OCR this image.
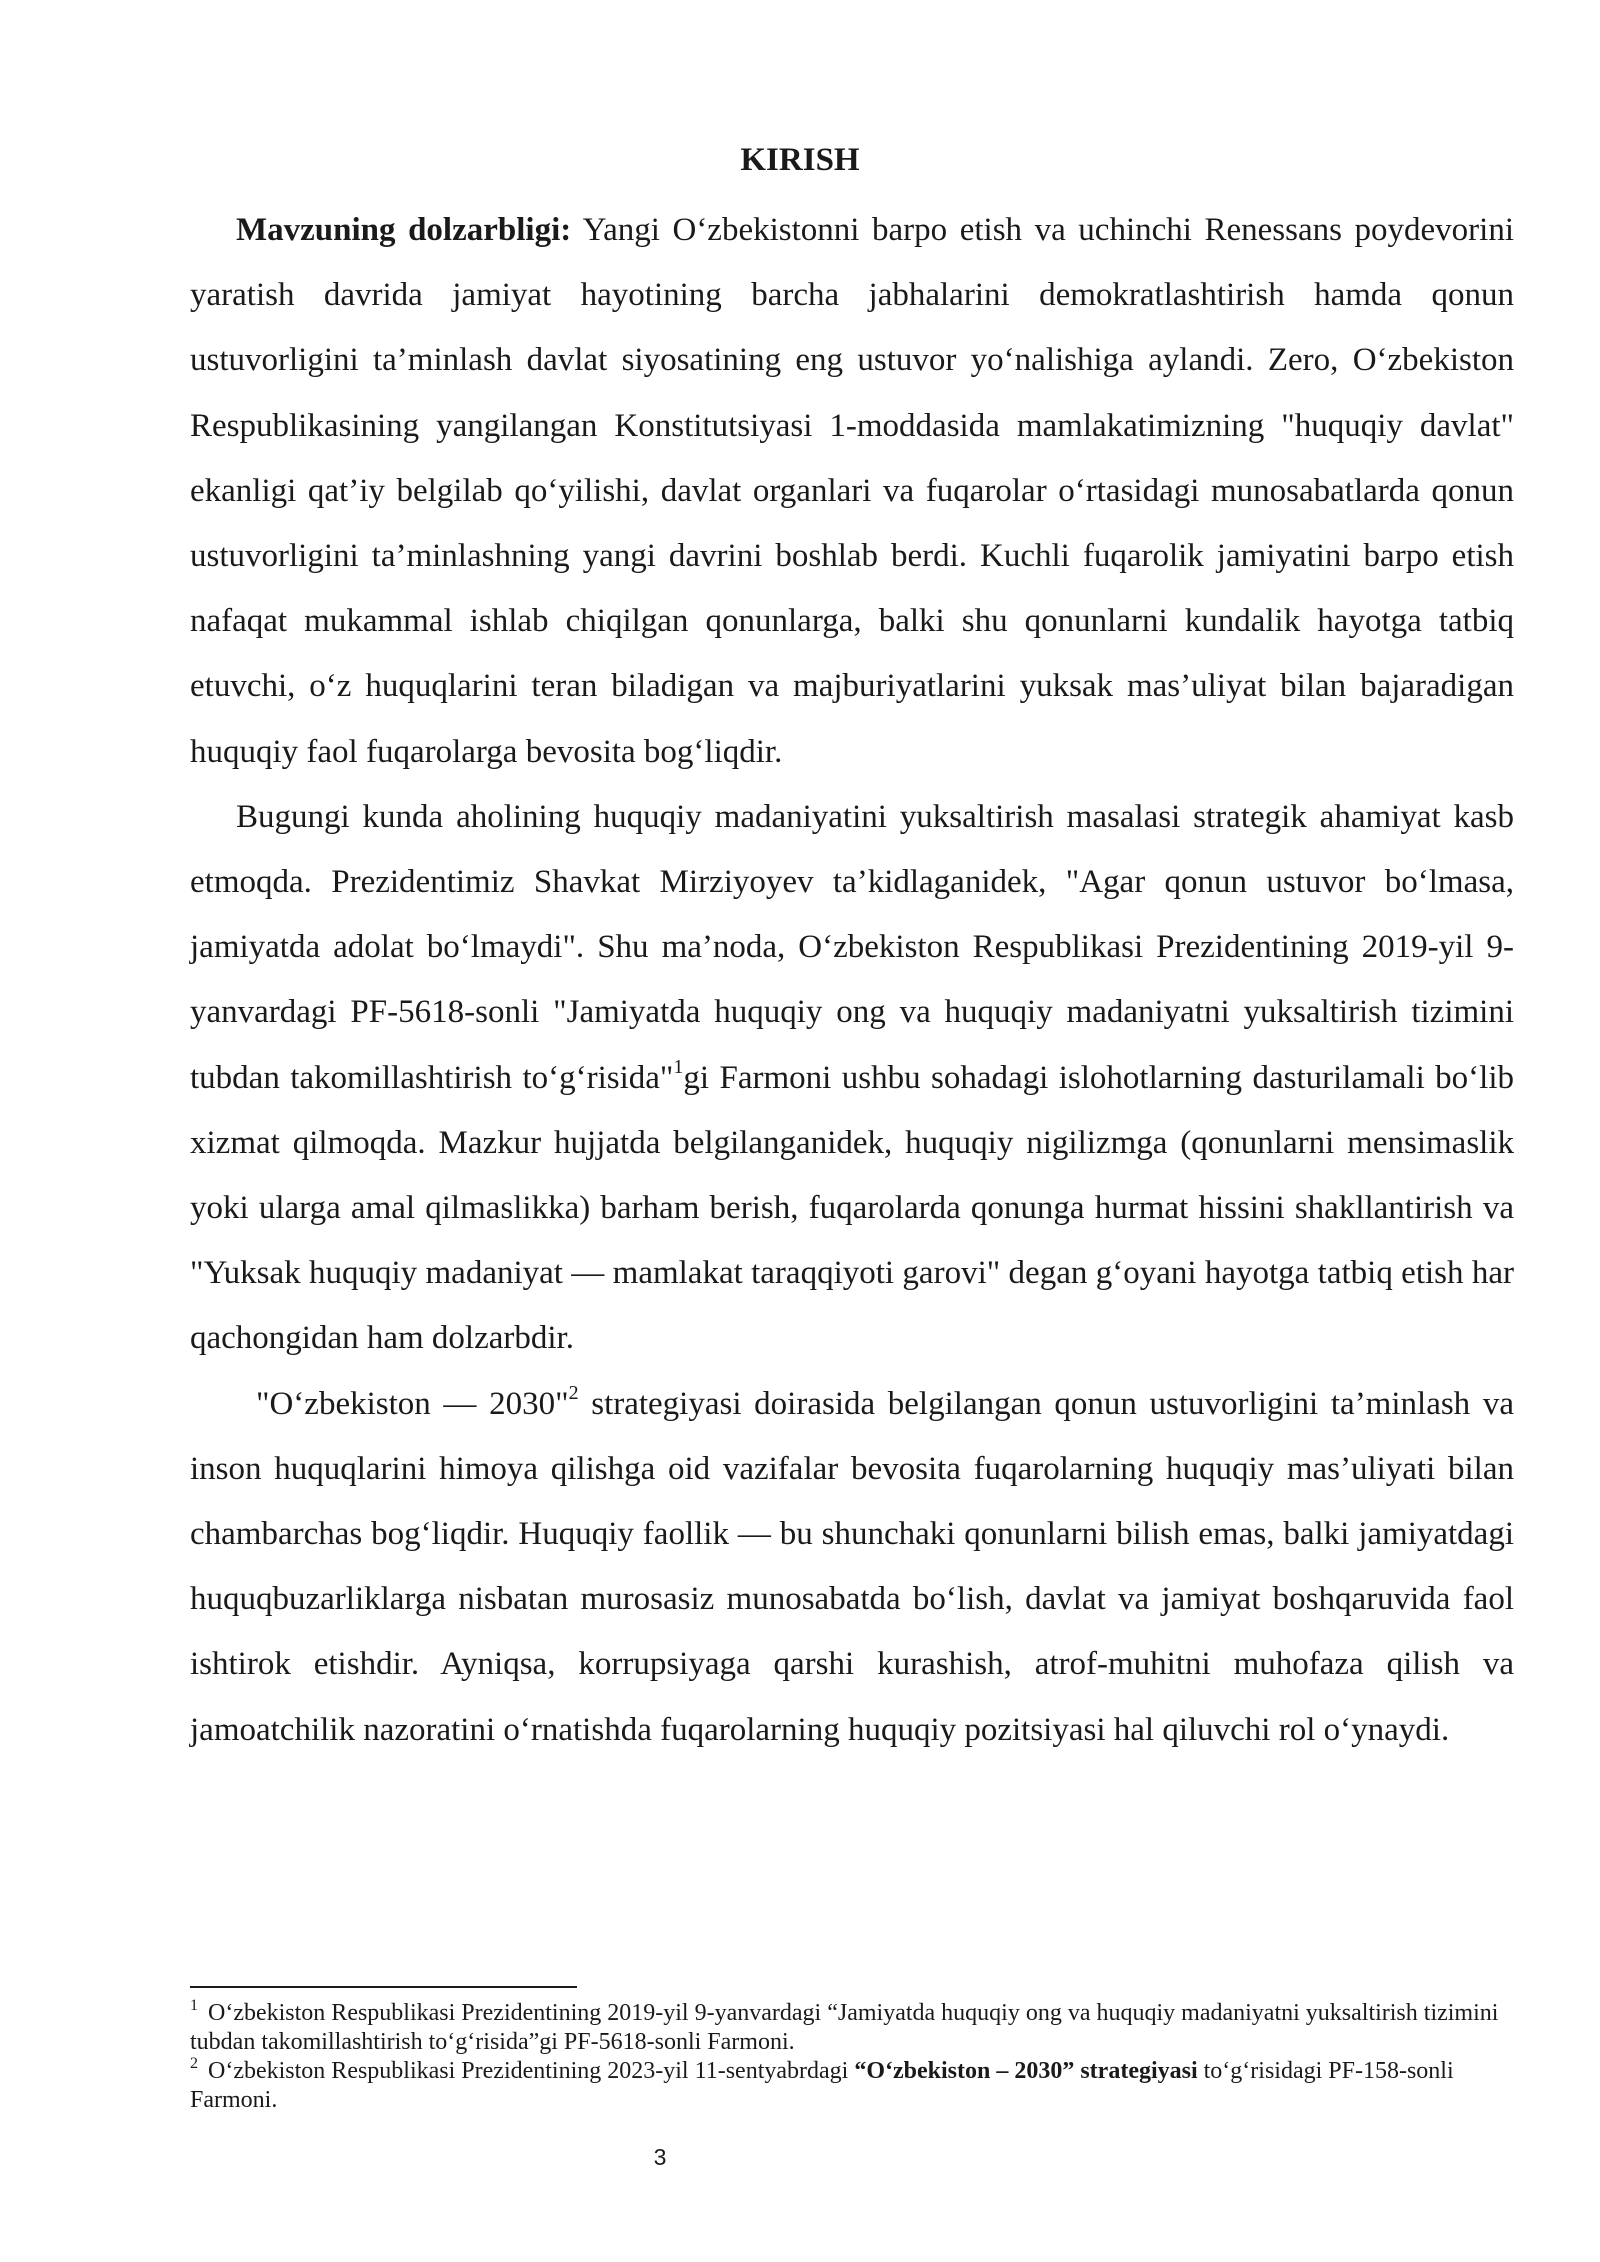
KIRISH

Mavzuning dolzarbligi: Yangi O‘zbekistonni barpo etish va uchinchi Renessans poydevorini yaratish davrida jamiyat hayotining barcha jabhalarini demokratlashtirish hamda qonun ustuvorligini ta’minlash davlat siyosatining eng ustuvor yo‘nalishiga aylandi. Zero, O‘zbekiston Respublikasining yangilangan Konstitutsiyasi 1-moddasida mamlakatimizning "huquqiy davlat" ekanligi qat’iy belgilab qo‘yilishi, davlat organlari va fuqarolar o‘rtasidagi munosabatlarda qonun ustuvorligini ta’minlashning yangi davrini boshlab berdi. Kuchli fuqarolik jamiyatini barpo etish nafaqat mukammal ishlab chiqilgan qonunlarga, balki shu qonunlarni kundalik hayotga tatbiq etuvchi, o‘z huquqlarini teran biladigan va majburiyatlarini yuksak mas’uliyat bilan bajaradigan huquqiy faol fuqarolarga bevosita bog‘liqdir.

Bugungi kunda aholining huquqiy madaniyatini yuksaltirish masalasi strategik ahamiyat kasb etmoqda. Prezidentimiz Shavkat Mirziyoyev ta’kidlaganidek, "Agar qonun ustuvor bo‘lmasa, jamiyatda adolat bo‘lmaydi". Shu ma’noda, O‘zbekiston Respublikasi Prezidentining 2019-yil 9-yanvardagi PF-5618-sonli "Jamiyatda huquqiy ong va huquqiy madaniyatni yuksaltirish tizimini tubdan takomillashtirish to‘g‘risida"$^1$gi Farmoni ushbu sohadagi islohotlarning dasturilamali bo‘lib xizmat qilmoqda. Mazkur hujjatda belgilanganidek, huquqiy nigilizmga (qonunlarni mensimaslik yoki ularga amal qilmaslikka) barham berish, fuqarolarda qonunga hurmat hissini shakllantirish va "Yuksak huquqiy madaniyat — mamlakat taraqqiyoti garovi" degan g‘oyani hayotga tatbiq etish har qachongidan ham dolzarbdir.

"O‘zbekiston — 2030"$^2$ strategiyasi doirasida belgilangan qonun ustuvorligini ta’minlash va inson huquqlarini himoya qilishga oid vazifalar bevosita fuqarolarning huquqiy mas’uliyati bilan chambarchas bog‘liqdir. Huquqiy faollik — bu shunchaki qonunlarni bilish emas, balki jamiyatdagi huquqbuzarliklarga nisbatan murosasiz munosabatda bo‘lish, davlat va jamiyat boshqaruvida faol ishtirok etishdir. Ayniqsa, korrupsiyaga qarshi kurashish, atrof-muhitni muhofaza qilish va jamoatchilik nazoratini o‘rnatishda fuqarolarning huquqiy pozitsiyasi hal qiluvchi rol o‘ynaydi.

$^1$ O‘zbekiston Respublikasi Prezidentining 2019-yil 9-yanvardagi “Jamiyatda huquqiy ong va huquqiy madaniyatni yuksaltirish tizimini tubdan takomillashtirish to‘g‘risida”gi PF-5618-sonli Farmoni.

$^2$ O‘zbekiston Respublikasi Prezidentining 2023-yil 11-sentyabrdagi “O‘zbekiston – 2030” strategiyasi to‘g‘risidagi PF-158-sonli Farmoni.

3
